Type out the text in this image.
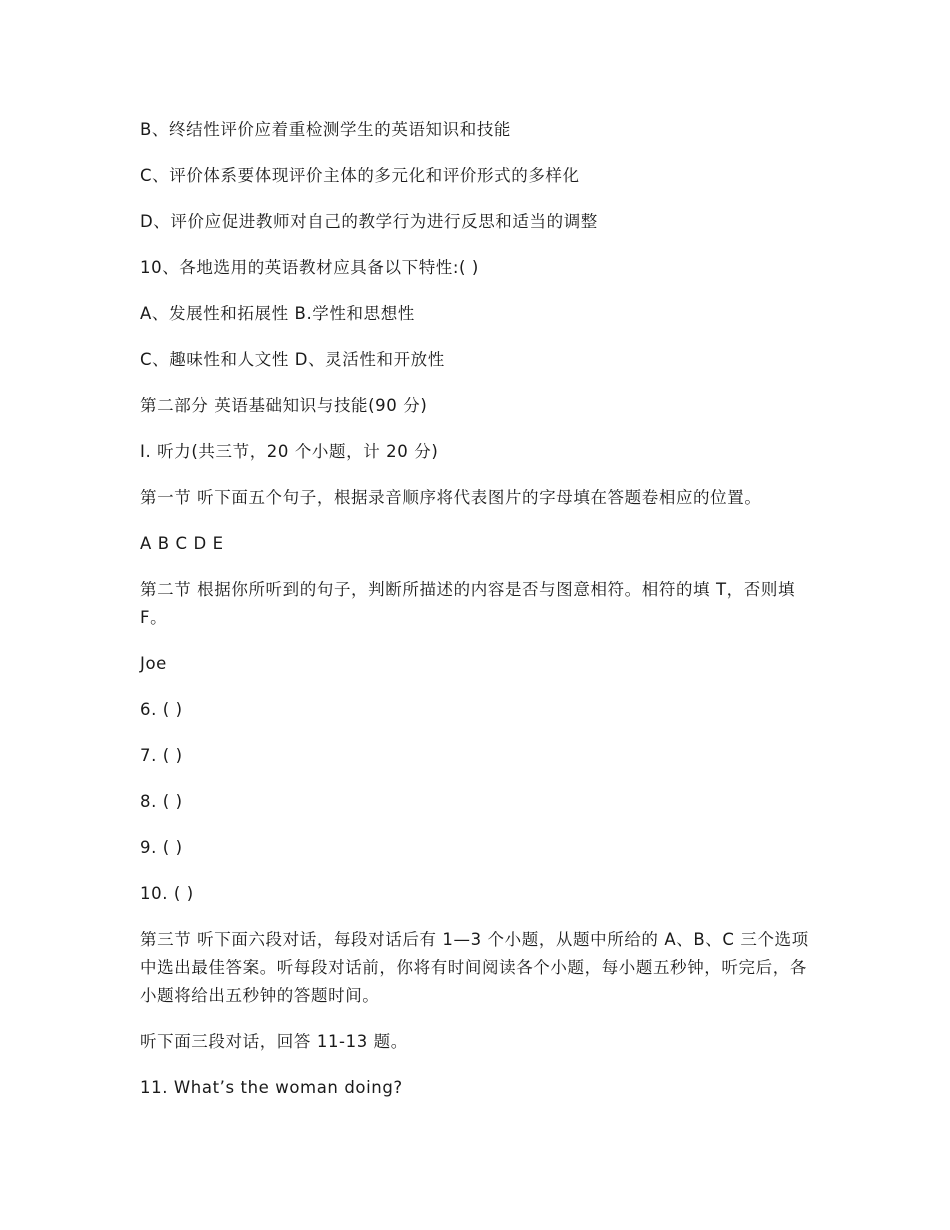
B、终结性评价应着重检测学生的英语知识和技能

C、评价体系要体现评价主体的多元化和评价形式的多样化

D、评价应促进教师对自己的教学行为进行反思和适当的调整

10、各地选用的英语教材应具备以下特性:( )

A、发展性和拓展性 B.学性和思想性

C、趣味性和人文性 D、灵活性和开放性

第二部分 英语基础知识与技能(90 分)

I. 听力(共三节，20 个小题，计 20 分)

第一节 听下面五个句子，根据录音顺序将代表图片的字母填在答题卷相应的位置。

A B C D E

第二节 根据你所听到的句子，判断所描述的内容是否与图意相符。相符的填 T，否则填 F。

Joe

6. ( )

7. ( )

8. ( )

9. ( )

10. ( )

第三节 听下面六段对话，每段对话后有 1—3 个小题，从题中所给的 A、B、C 三个选项中选出最佳答案。听每段对话前，你将有时间阅读各个小题，每小题五秒钟，听完后，各小题将给出五秒钟的答题时间。

听下面三段对话，回答 11-13 题。

11. What’s the woman doing?
